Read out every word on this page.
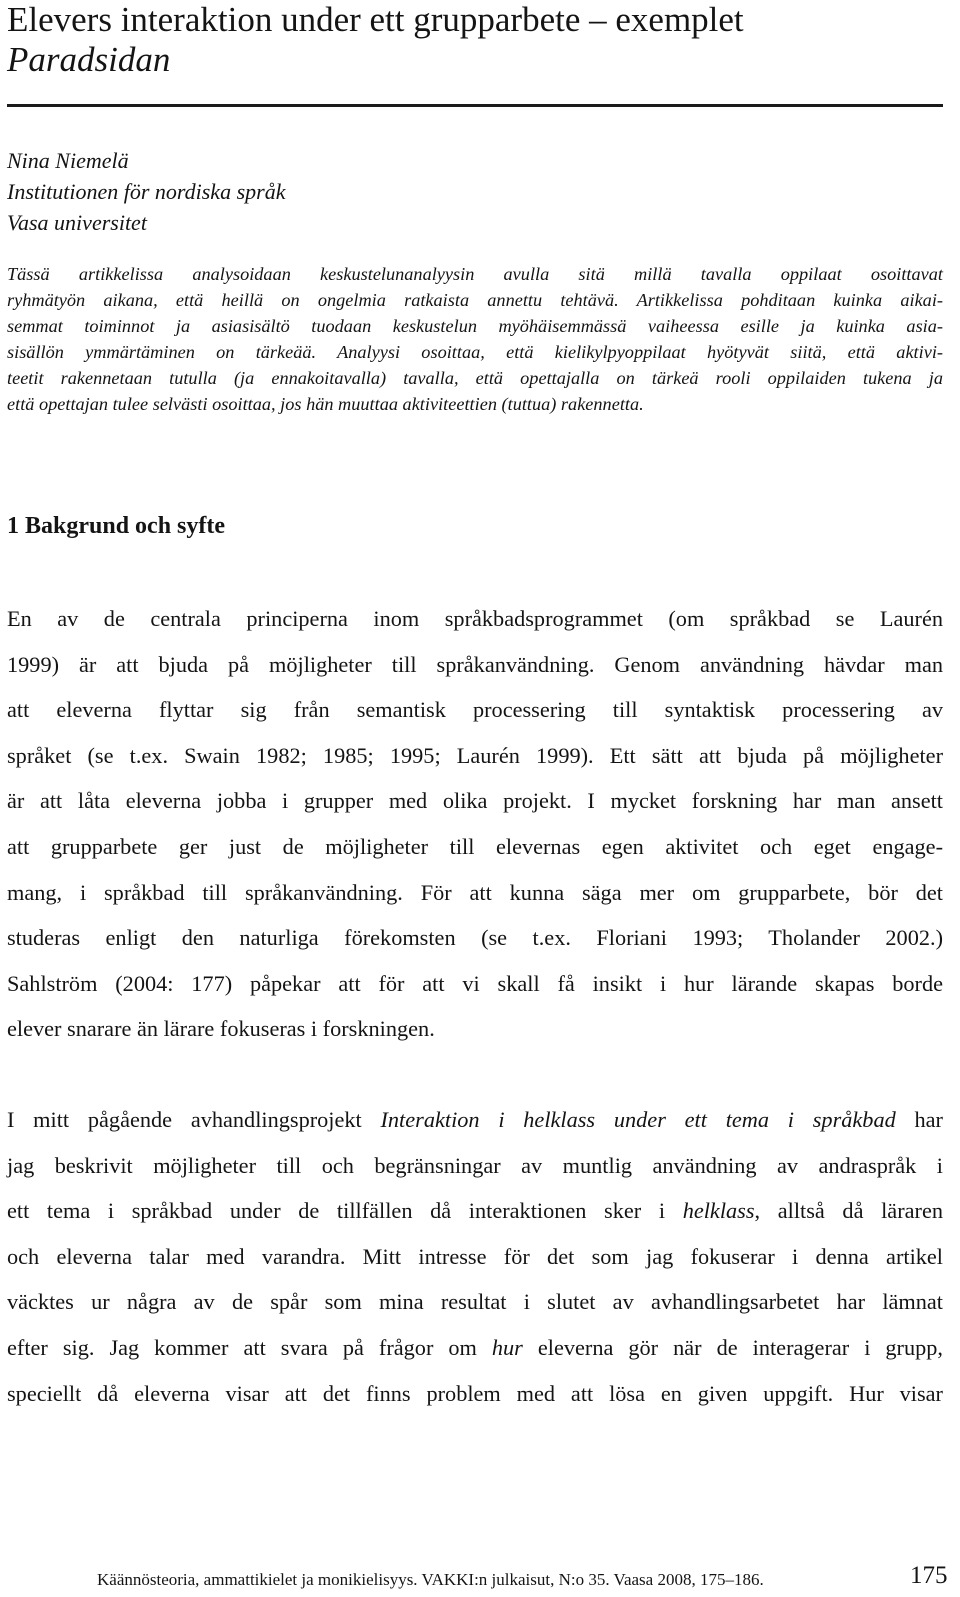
Elevers interaktion under ett grupparbete – exemplet
Paradsidan
Nina Niemelä
Institutionen för nordiska språk
Vasa universitet
Tässä artikkelissa analysoidaan keskustelunanalyysin avulla sitä millä tavalla oppilaat osoittavat
ryhmätyön aikana, että heillä on ongelmia ratkaista annettu tehtävä. Artikkelissa pohditaan kuinka aikai-
semmat toiminnot ja asiasisältö tuodaan keskustelun myöhäisemmässä vaiheessa esille ja kuinka asia-
sisällön ymmärtäminen on tärkeää. Analyysi osoittaa, että kielikylpyoppilaat hyötyvät siitä, että aktivi-
teetit rakennetaan tutulla (ja ennakoitavalla) tavalla, että opettajalla on tärkeä rooli oppilaiden tukena ja
että opettajan tulee selvästi osoittaa, jos hän muuttaa aktiviteettien (tuttua) rakennetta.
1 Bakgrund och syfte
En av de centrala principerna inom språkbadsprogrammet (om språkbad se Laurén
1999) är att bjuda på möjligheter till språkanvändning. Genom användning hävdar man
att eleverna flyttar sig från semantisk processering till syntaktisk processering av
språket (se t.ex. Swain 1982; 1985; 1995; Laurén 1999). Ett sätt att bjuda på möjligheter
är att låta eleverna jobba i grupper med olika projekt. I mycket forskning har man ansett
att grupparbete ger just de möjligheter till elevernas egen aktivitet och eget engage-
mang, i språkbad till språkanvändning. För att kunna säga mer om grupparbete, bör det
studeras enligt den naturliga förekomsten (se t.ex. Floriani 1993; Tholander 2002.)
Sahlström (2004: 177) påpekar att för att vi skall få insikt i hur lärande skapas borde
elever snarare än lärare fokuseras i forskningen.
I mitt pågående avhandlingsprojekt Interaktion i helklass under ett tema i språkbad har
jag beskrivit möjligheter till och begränsningar av muntlig användning av andraspråk i
ett tema i språkbad under de tillfällen då interaktionen sker i helklass, alltså då läraren
och eleverna talar med varandra. Mitt intresse för det som jag fokuserar i denna artikel
väcktes ur några av de spår som mina resultat i slutet av avhandlingsarbetet har lämnat
efter sig. Jag kommer att svara på frågor om hur eleverna gör när de interagerar i grupp,
speciellt då eleverna visar att det finns problem med att lösa en given uppgift. Hur visar
Käännösteoria, ammattikielet ja monikielisyys. VAKKI:n julkaisut, N:o 35. Vaasa 2008, 175–186.	175
